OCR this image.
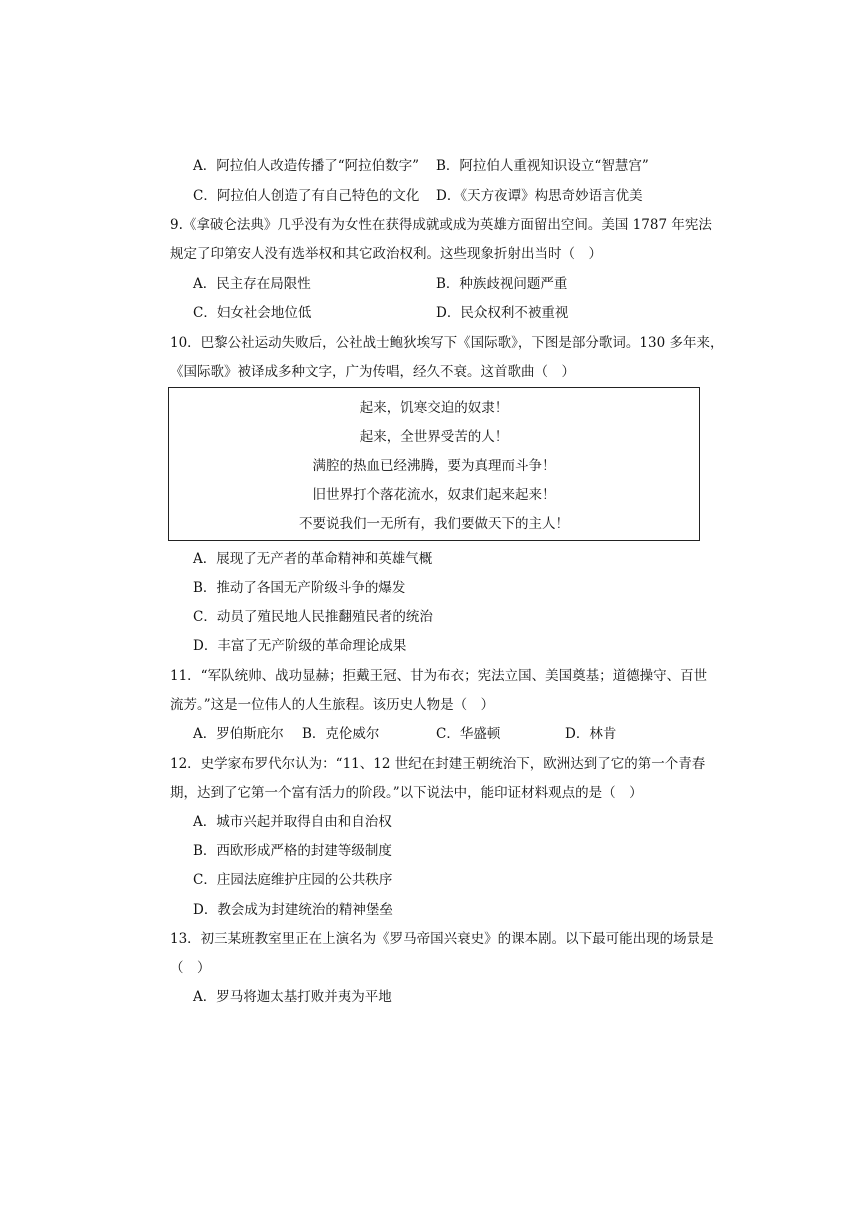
A．阿拉伯人改造传播了“阿拉伯数字” B．阿拉伯人重视知识设立“智慧宫”
C．阿拉伯人创造了有自己特色的文化 D．《天方夜谭》构思奇妙语言优美
9.《拿破仑法典》几乎没有为女性在获得成就或成为英雄方面留出空间。美国 1787 年宪法
规定了印第安人没有选举权和其它政治权利。这些现象折射出当时（　）
A．民主存在局限性	B．种族歧视问题严重
C．妇女社会地位低	D．民众权利不被重视
10．巴黎公社运动失败后，公社战士鲍狄埃写下《国际歌》，下图是部分歌词。130 多年来，
《国际歌》被译成多种文字，广为传唱，经久不衰。这首歌曲（　）
起来，饥寒交迫的奴隶！
起来，全世界受苦的人！
满腔的热血已经沸腾，要为真理而斗争！
旧世界打个落花流水，奴隶们起来起来！
不要说我们一无所有，我们要做天下的主人！
A．展现了无产者的革命精神和英雄气概
B．推动了各国无产阶级斗争的爆发
C．动员了殖民地人民推翻殖民者的统治
D．丰富了无产阶级的革命理论成果
11．“军队统帅、战功显赫；拒戴王冠、甘为布衣；宪法立国、美国奠基；道德操守、百世
流芳。”这是一位伟人的人生旅程。该历史人物是（　）
A．罗伯斯庇尔 B．克伦威尔	C．华盛顿	D．林肯
12．史学家布罗代尔认为：“11、12 世纪在封建王朝统治下，欧洲达到了它的第一个青春
期，达到了它第一个富有活力的阶段。”以下说法中，能印证材料观点的是（　）
A．城市兴起并取得自由和自治权
B．西欧形成严格的封建等级制度
C．庄园法庭维护庄园的公共秩序
D．教会成为封建统治的精神堡垒
13．初三某班教室里正在上演名为《罗马帝国兴衰史》的课本剧。以下最可能出现的场景是
（　）
A．罗马将迦太基打败并夷为平地
